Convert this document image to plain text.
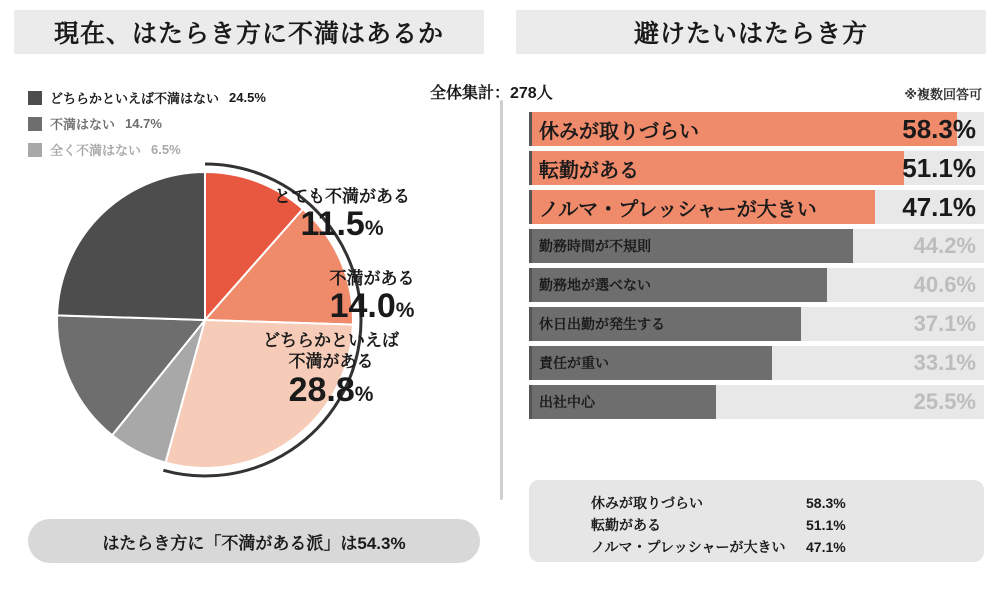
現在、はたらき方に不満はあるか	避けたいはたらき方
どちらかといえば不満はない 24.5%
不満はない 14.7%
全く不満はない 6.5%
とても不満がある
11.5%
不満がある
14.0%
どちらかといえば
不満がある
28.8%
はたらき方に「不満がある派」は54.3%
全体集計：278人	※複数回答可
休みが取りづらい	58.3%
転勤がある	51.1%
ノルマ・プレッシャーが大きい	47.1%
勤務時間が不規則	44.2%
勤務地が選べない	40.6%
休日出勤が発生する	37.1%
責任が重い	33.1%
出社中心	25.5%
休みが取りづらい	58.3%
転勤がある	51.1%
ノルマ・プレッシャーが大きい	47.1%
